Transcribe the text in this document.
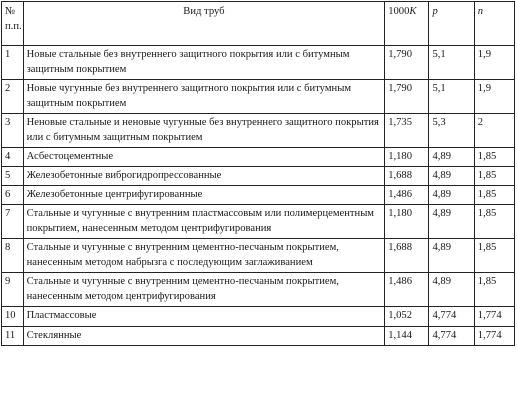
№
п.п.	Вид труб	1000K	p	n
1	Новые стальные без внутреннего защитного покрытия или с битумным защитным покрытием	1,790	5,1	1,9
2	Новые чугунные без внутреннего защитного покрытия или с битумным защитным покрытием	1,790	5,1	1,9
3	Неновые стальные и неновые чугунные без внутреннего защитного покрытия или с битумным защитным покрытием	1,735	5,3	2
4	Асбестоцементные	1,180	4,89	1,85
5	Железобетонные виброгидропрессованные	1,688	4,89	1,85
6	Железобетонные центрифугированные	1,486	4,89	1,85
7	Стальные и чугунные с внутренним пластмассовым или полимерцементным покрытием, нанесенным методом центрифугирования	1,180	4,89	1,85
8	Стальные и чугунные с внутренним цементно-песчаным покрытием, нанесенным методом набрызга с последующим заглаживанием	1,688	4,89	1,85
9	Стальные и чугунные с внутренним цементно-песчаным покрытием, нанесенным методом центрифугирования	1,486	4,89	1,85
10	Пластмассовые	1,052	4,774	1,774
11	Стеклянные	1,144	4,774	1,774
